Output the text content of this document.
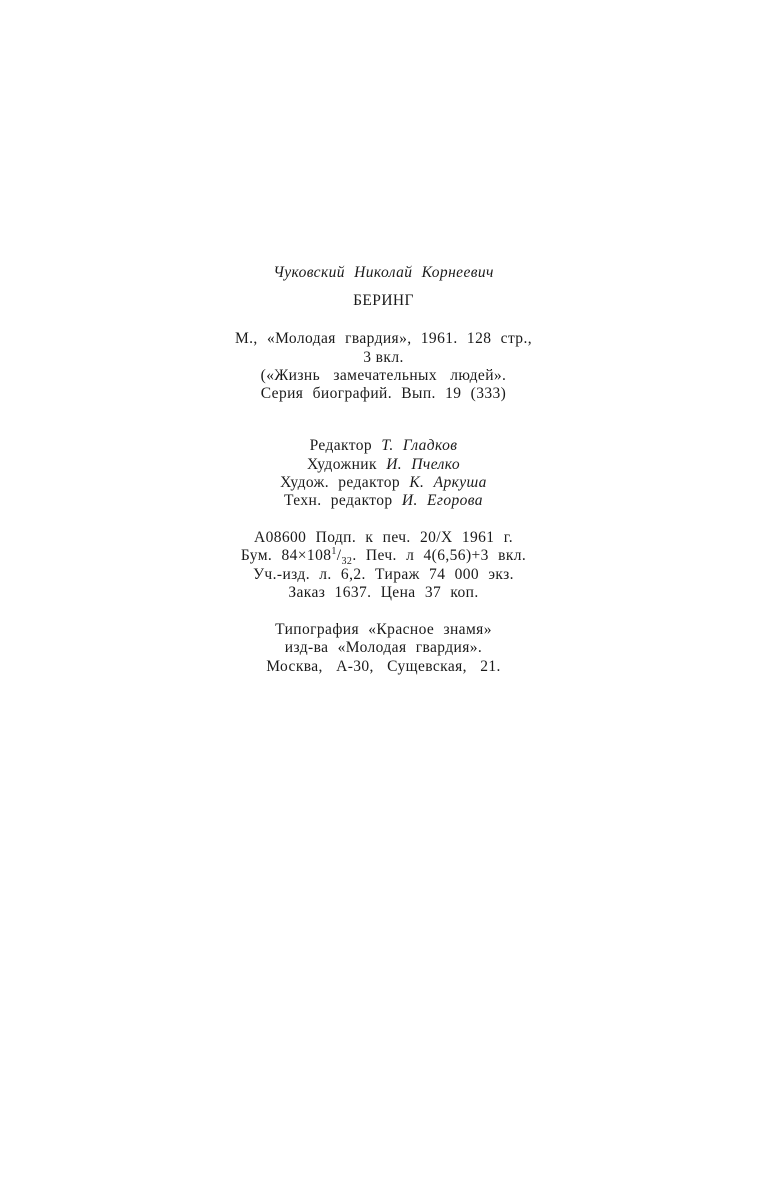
Чуковский Николай Корнеевич
БЕРИНГ
М., «Молодая гвардия», 1961. 128 стр.,
3 вкл.
(«Жизнь замечательных людей».
Серия биографий. Вып. 19 (333)
Редактор Т. Гладков
Художник И. Пчелко
Худож. редактор К. Аркуша
Техн. редактор И. Егорова
А08600 Подп. к печ. 20/X 1961 г.
Бум. $84\times 108^1/_{32}$. Печ. л 4(6,56)+3 вкл.
Уч.-изд. л. 6,2. Тираж 74 000 экз.
Заказ 1637. Цена 37 коп.
Типография «Красное знамя»
изд-ва «Молодая гвардия».
Москва, А-30, Сущевская, 21.
